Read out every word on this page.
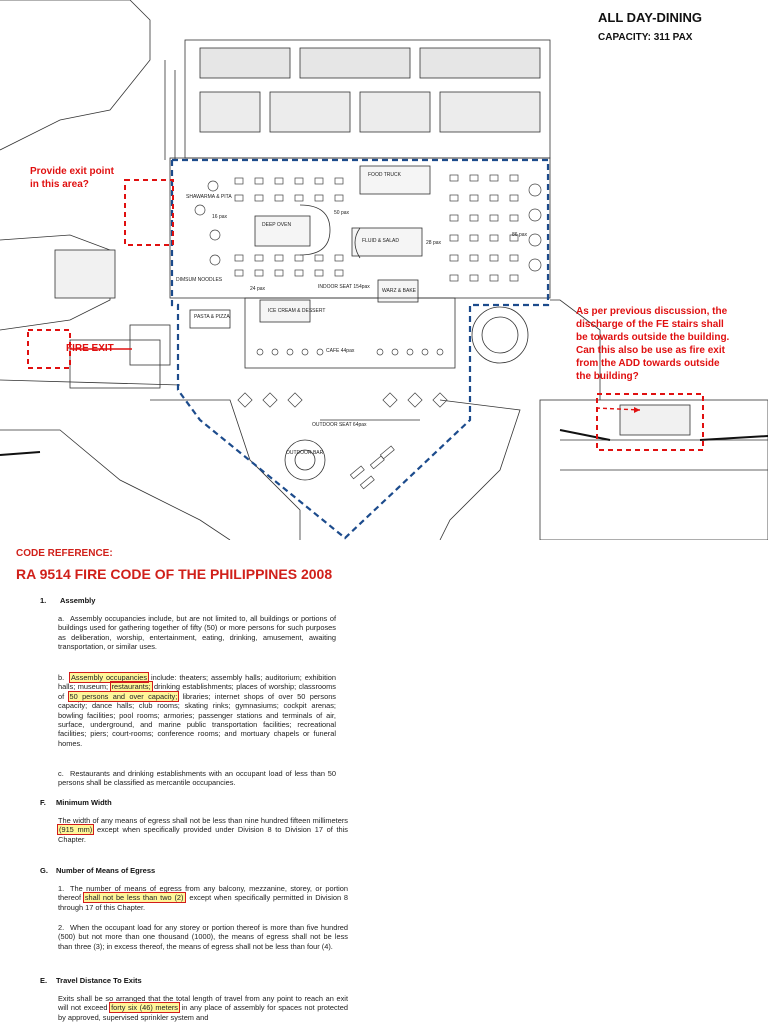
FOOD TRUCK
DEEP OVEN
FLUID & SALAD
DIMSUM NOODLES
INDOOR SEAT 154pax
WARZ & BAKE
SHAWARMA & PITA
ICE CREAM & DESSERT
PASTA & PIZZA
CAFE 44pax
OUTDOOR SEAT 64pax
OUTDOOR BAR
16 pax
50 pax
86 pax
28 pax
24 pax
ALL DAY-DINING
CAPACITY: 311 PAX
Provide exit point
in this area?
FIRE EXIT
As per previous discussion, the
discharge of the FE stairs shall
be towards outside the building.
Can this also be use as fire exit
from the ADD towards outside
the building?
CODE REFERENCE:
RA 9514 FIRE CODE OF THE PHILIPPINES 2008
1. Assembly
a. Assembly occupancies include, but are not limited to, all buildings or portions of buildings used for gathering together of fifty (50) or more persons for such purposes as deliberation, worship, entertainment, eating, drinking, amusement, awaiting transportation, or similar uses.
b. Assembly occupancies include: theaters; assembly halls; auditorium; exhibition halls; museum; restaurants; drinking establishments; places of worship; classrooms of 50 persons and over capacity; libraries; internet shops of over 50 persons capacity; dance halls; club rooms; skating rinks; gymnasiums; cockpit arenas; bowling facilities; pool rooms; armories; passenger stations and terminals of air, surface, underground, and marine public transportation facilities; recreational facilities; piers; court-rooms; conference rooms; and mortuary chapels or funeral homes.
c. Restaurants and drinking establishments with an occupant load of less than 50 persons shall be classified as mercantile occupancies.
F. Minimum Width
The width of any means of egress shall not be less than nine hundred fifteen millimeters (915 mm) except when specifically provided under Division 8 to Division 17 of this Chapter.
G. Number of Means of Egress
1. The number of means of egress from any balcony, mezzanine, storey, or portion thereof shall not be less than two (2), except when specifically permitted in Division 8 through 17 of this Chapter.
2. When the occupant load for any storey or portion thereof is more than five hundred (500) but not more than one thousand (1000), the means of egress shall not be less than three (3); in excess thereof, the means of egress shall not be less than four (4).
E. Travel Distance To Exits
Exits shall be so arranged that the total length of travel from any point to reach an exit will not exceed forty six (46) meters in any place of assembly for spaces not protected by approved, supervised sprinkler system and
